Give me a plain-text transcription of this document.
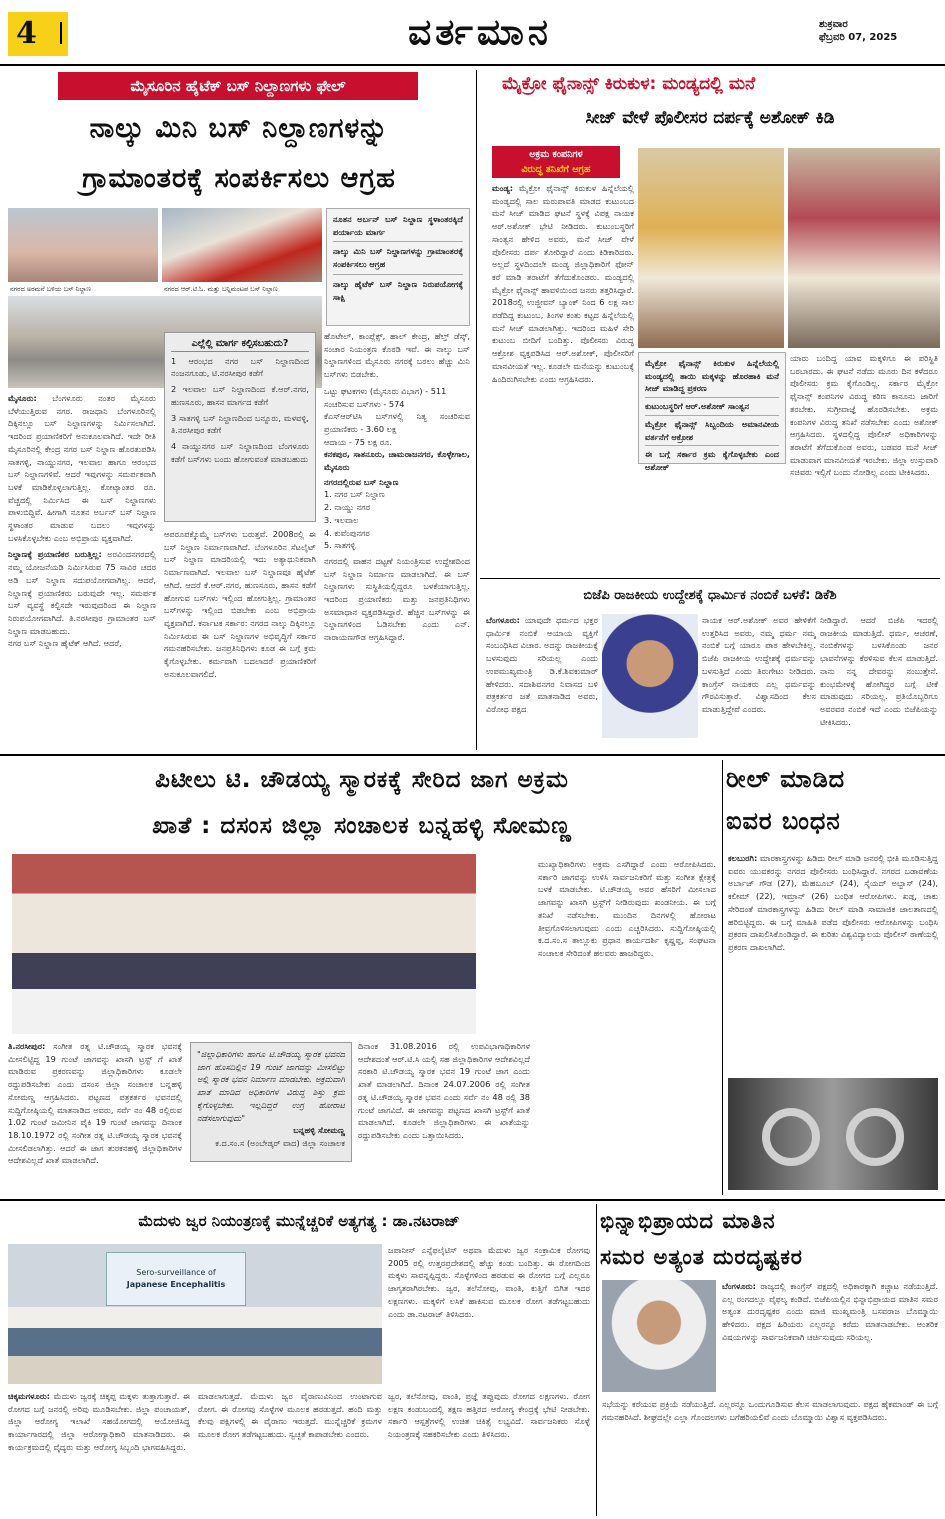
4	ವರ್ತಮಾನ	ಶುಕ್ರವಾರ
ಫೆಬ್ರವರಿ 07, 2025
ಮೈಸೂರಿನ ಹೈಟೆಕ್ ಬಸ್ ನಿಲ್ದಾಣಗಳು ಫೇಲ್
ನಾಲ್ಕು ಮಿನಿ ಬಸ್ ನಿಲ್ದಾಣಗಳನ್ನು
ಗ್ರಾಮಾಂತರಕ್ಕೆ ಸಂಪರ್ಕಿಸಲು ಆಗ್ರಹ
ನಗರದ ಅರಮನೆ ಬಳಿಯ ಬಸ್ ನಿಲ್ದಾಣ	ನಗರದ ಆರ್.ಟಿ.ಓ. ಮತ್ತು ಬನ್ನಿಮಂಟಪ ಬಸ್ ನಿಲ್ದಾಣ
ನೂತನ ಅರ್ಬನ್ ಬಸ್ ನಿಲ್ದಾಣ ಸ್ಥಳಾಂತರಕ್ಕಿದೆ ಪರ್ಯಾಯ ಮಾರ್ಗ
ನಾಲ್ಕು ಮಿನಿ ಬಸ್ ನಿಲ್ದಾಣಗಳನ್ನು ಗ್ರಾಮಾಂತರಕ್ಕೆ ಸಂಪರ್ಕಿಸಲು ಆಗ್ರಹ
ನಾಲ್ಕು ಹೈಟೆಕ್ ಬಸ್ ನಿಲ್ದಾಣ ನಿರುಪಯೋಗಕ್ಕೆ ಸಾಕ್ಷಿ
ಮೈಸೂರು: ಬೆಂಗಳೂರು ನಂತರ ಮೈಸೂರು ಬೆಳೆಯುತ್ತಿರುವ ನಗರ. ರಾಜಧಾನಿ ಬೆಂಗಳೂರಿನಲ್ಲಿ ದಿಕ್ಕಿನಲ್ಲೂ ಬಸ್ ನಿಲ್ದಾಣಗಳನ್ನು ನಿರ್ಮಿಸಲಾಗಿದೆ. ಇದರಿಂದ ಪ್ರಯಾಣಿಕರಿಗೆ ಅನುಕೂಲವಾಗಿದೆ. ಇದೇ ರೀತಿ ಮೈಸೂರಿನಲ್ಲಿ ಕೇಂದ್ರ ನಗರ ಬಸ್ ನಿಲ್ದಾಣ ಹೊರತುಪಡಿಸಿ ಸಾತಗಳ್ಳಿ, ನಾಯ್ಡುನಗರ, ಇಲವಾಲ ಹಾಗೂ ಆರಂಭದ ಬಸ್ ನಿಲ್ದಾಣಗಳಿವೆ. ಆದರೆ ಇವುಗಳನ್ನು ಸಮರ್ಪಕವಾಗಿ ಬಳಕೆ ಮಾಡಿಕೊಳ್ಳಲಾಗುತ್ತಿಲ್ಲ. ಕೋಟ್ಯಾಂತರ ರೂ. ವೆಚ್ಚದಲ್ಲಿ ನಿರ್ಮಿಸಿದ ಈ ಬಸ್ ನಿಲ್ದಾಣಗಳು ಪಾಳುಬಿದ್ದಿವೆ. ಹೀಗಾಗಿ ನೂತನ ಅರ್ಬನ್ ಬಸ್ ನಿಲ್ದಾಣ ಸ್ಥಳಾಂತರ ಮಾಡುವ ಬದಲು ಇವುಗಳನ್ನು ಬಳಸಿಕೊಳ್ಳಬೇಕು ಎಂಬ ಅಭಿಪ್ರಾಯ ವ್ಯಕ್ತವಾಗಿದೆ.
ನಿಲ್ದಾಣಕ್ಕೆ ಪ್ರಯಾಣಿಕರ ಬರುತ್ತಿಲ್ಲ: ಅರವಿಂದನಗರದಲ್ಲಿ ನಮ್ಮ ಯೋಜನೆಯಡಿ ನಿರ್ಮಿಸಿರುವ 75 ಸಾವಿರ ಚದರ ಅಡಿ ಬಸ್ ನಿಲ್ದಾಣ ಸದುಪಯೋಗವಾಗಿಲ್ಲ. ಆದರೆ, ನಿಲ್ದಾಣಕ್ಕೆ ಪ್ರಯಾಣಿಕರು ಬರುವುದೇ ಇಲ್ಲ. ಸಮರ್ಪಕ ಬಸ್ ವ್ಯವಸ್ಥೆ ಕಲ್ಪಿಸದೇ ಇರುವುದರಿಂದ ಈ ನಿಲ್ದಾಣ ನಿರುಪಯೋಗವಾಗಿದೆ. ತಿ.ನರಸೀಪುರ ಗ್ರಾಮಾಂತರ ಬಸ್ ನಿಲ್ದಾಣ ಮಾಡಬಹುದು.
ನಗರ ಬಸ್ ನಿಲ್ದಾಣ ಹೈಟೆಕ್ ಆಗಿದೆ. ಆದರೆ,
ಎಲ್ಲೆಲ್ಲಿ ಮಾರ್ಗ ಕಲ್ಪಿಸಬಹುದು?
1 ಆರಂಭದ ನಗರ ಬಸ್ ನಿಲ್ದಾಣದಿಂದ ನಂಜನಗೂಡು, ಟಿ.ನರಸೀಪುರ ಕಡೆಗೆ
2 ಇಲವಾಲ ಬಸ್ ನಿಲ್ದಾಣದಿಂದ ಕೆ.ಆರ್.ನಗರ, ಹುಣಸೂರು, ಹಾಸನ ಮಾರ್ಗದ ಕಡೆಗೆ
3 ಸಾತಗಳ್ಳಿ ಬಸ್ ನಿಲ್ದಾಣದಿಂದ ಬನ್ನೂರು, ಮಳವಳ್ಳಿ, ತಿ.ನರಸೀಪುರ ಕಡೆಗೆ
4 ನಾಯ್ಡುನಗರ ಬಸ್ ನಿಲ್ದಾಣದಿಂದ ಬೆಂಗಳೂರು ಕಡೆಗೆ ಬಸ್‌ಗಳು ಬಂದು ಹೋಗುವಂತೆ ಮಾಡಬಹುದು
ಆಪರೂಪಕ್ಕೊಮ್ಮೆ ಬಸ್‌ಗಳು ಬರುತ್ತವೆ. 2008ರಲ್ಲಿ ಈ ಬಸ್ ನಿಲ್ದಾಣ ನಿರ್ಮಾಣವಾಗಿದೆ. ಬೆಂಗಳೂರಿನ ಸೆಟಲೈಟ್ ಬಸ್ ನಿಲ್ದಾಣ ಮಾದರಿಯಲ್ಲಿ ಇದು ಅತ್ಯಾಧುನಿಕವಾಗಿ ನಿರ್ಮಾಣವಾಗಿದೆ. ಇಲವಾಲ ಬಸ್ ನಿಲ್ದಾಣವೂ ಹೈಟೆಕ್ ಆಗಿದೆ. ಆದರೆ ಕೆ.ಆರ್.ನಗರ, ಹುಣಸೂರು, ಹಾಸನ ಕಡೆಗೆ ಹೋಗುವ ಬಸ್‌ಗಳು ಇಲ್ಲಿಂದ ಹೋಗುತ್ತಿಲ್ಲ. ಗ್ರಾಮಾಂತರ ಬಸ್‌ಗಳನ್ನು ಇಲ್ಲಿಂದ ಬಿಡಬೇಕು ಎಂಬ ಅಭಿಪ್ರಾಯ ವ್ಯಕ್ತವಾಗಿದೆ. ಕರ್ನಾಟಕ ಸರ್ಕಾರ: ನಗರದ ನಾಲ್ಕು ದಿಕ್ಕಿನಲ್ಲೂ ನಿರ್ಮಿಸಿರುವ ಈ ಬಸ್ ನಿಲ್ದಾಣಗಳ ಅಭಿವೃದ್ಧಿಗೆ ಸರ್ಕಾರ ಗಮನಹರಿಸಬೇಕು. ಜನಪ್ರತಿನಿಧಿಗಳು ಕೂಡ ಈ ಬಗ್ಗೆ ಕ್ರಮ ಕೈಗೊಳ್ಳಬೇಕು. ಕರ್ಮವಾಗಿ ಬದಲಾದರೆ ಪ್ರಯಾಣಿಕರಿಗೆ ಅನುಕೂಲವಾಗಲಿದೆ.
ಹೊಟೇಲ್, ಕಾಂಪ್ಲೆಕ್ಸ್, ಹಾಲ್ ಕೇಂದ್ರ, ಹೆಲ್ತ್ ಡೆಸ್ಕ್, ಸಂಚಾರ ನಿಯಂತ್ರಣ ಕೊಠಡಿ ಇವೆ. ಈ ನಾಲ್ಕು ಬಸ್ ನಿಲ್ದಾಣಗಳಿಂದ ಮೈಸೂರು ನಗರಕ್ಕೆ ಬರಲು ಹೆಚ್ಚು ಮಿನಿ ಬಸ್‌ಗಳು ಬಿಡಬೇಕು.
ಒಟ್ಟು ಘಟಕಗಳು (ಮೈಸೂರು ವಿಭಾಗ) - 511
ಸಂಚರಿಸುವ ಬಸ್‌ಗಳು - 574
ಕೆಎಸ್‌ಆರ್‌ಟಿಸಿ ಬಸ್‌ಗಳಲ್ಲಿ ನಿತ್ಯ ಸಂಚರಿಸುವ ಪ್ರಯಾಣಿಕರು - 3.60 ಲಕ್ಷ
ಆದಾಯ - 75 ಲಕ್ಷ ರೂ.
ಕನಕಪುರ, ಸಾತನೂರು, ಚಾಮರಾಜನಗರ, ಕೊಳ್ಳೇಗಾಲ, ಮೈಸೂರು
ನಗರದಲ್ಲಿರುವ ಬಸ್ ನಿಲ್ದಾಣ
1. ನಗರ ಬಸ್ ನಿಲ್ದಾಣ
2. ನಾಯ್ಡು ನಗರ
3. ಇಲವಾಲ
4. ಕುವೆಂಪುನಗರ
5. ಸಾತಗಳ್ಳಿ
ನಗರದಲ್ಲಿ ವಾಹನ ದಟ್ಟಣೆ ನಿಯಂತ್ರಿಸುವ ಉದ್ದೇಶದಿಂದ ಬಸ್ ನಿಲ್ದಾಣ ನಿರ್ಮಾಣ ಮಾಡಲಾಗಿದೆ. ಈ ಬಸ್ ನಿಲ್ದಾಣಗಳು ಸುಸ್ಥಿತಿಯಲ್ಲಿದ್ದರೂ ಬಳಕೆಯಾಗುತ್ತಿಲ್ಲ. ಇದರಿಂದ ಪ್ರಯಾಣಿಕರು ಮತ್ತು ಜನಪ್ರತಿನಿಧಿಗಳು ಅಸಮಾಧಾನ ವ್ಯಕ್ತಪಡಿಸಿದ್ದಾರೆ. ಹೆಚ್ಚಿನ ಬಸ್‌ಗಳನ್ನು ಈ ನಿಲ್ದಾಣಗಳಿಂದ ಓಡಿಸಬೇಕು ಎಂದು ಎನ್. ನಾರಾಯಣಗೌಡ ಆಗ್ರಹಿಸಿದ್ದಾರೆ.
ಮೈಕ್ರೋ ಫೈನಾನ್ಸ್ ಕಿರುಕುಳ: ಮಂಡ್ಯದಲ್ಲಿ ಮನೆ
ಸೀಜ್ ವೇಳೆ ಪೊಲೀಸರ ದರ್ಪಕ್ಕೆ ಅಶೋಕ್ ಕಿಡಿ
ಅಕ್ರಮ ಕಂಪನಿಗಳ
ವಿರುದ್ಧ ತನಿಖೆಗೆ ಆಗ್ರಹ
ಮಂಡ್ಯ: ಮೈಕ್ರೋ ಫೈನಾನ್ಸ್ ಕಿರುಕುಳ ಹಿನ್ನೆಲೆಯಲ್ಲಿ ಮಂಡ್ಯದಲ್ಲಿ ಸಾಲ ಮರುಪಾವತಿ ಮಾಡದ ಕುಟುಂಬದ ಮನೆ ಸೀಜ್ ಮಾಡಿದ ಘಟನೆ ಸ್ಥಳಕ್ಕೆ ವಿಪಕ್ಷ ನಾಯಕ ಆರ್.ಅಶೋಕ್ ಭೇಟಿ ನೀಡಿದರು. ಕುಟುಂಬಸ್ಥರಿಗೆ ಸಾಂತ್ವನ ಹೇಳಿದ ಅವರು, ಮನೆ ಸೀಜ್ ವೇಳೆ ಪೊಲೀಸರು ದರ್ಪ ತೋರಿದ್ದಾರೆ ಎಂದು ಕಿಡಿಕಾರಿದರು. ಅಲ್ಲದೆ ಸ್ಥಳದಿಂದಲೇ ಮಂಡ್ಯ ಜಿಲ್ಲಾಧಿಕಾರಿಗೆ ಫೋನ್ ಕರೆ ಮಾಡಿ ತರಾಟೆಗೆ ತೆಗೆದುಕೊಂಡರು. ಮಂಡ್ಯದಲ್ಲಿ ಮೈಕ್ರೋ ಫೈನಾನ್ಸ್ ಹಾವಳಿಯಿಂದ ಜನರು ತತ್ತರಿಸಿದ್ದಾರೆ. 2018ರಲ್ಲಿ ಉಜ್ಜೀವನ್ ಬ್ಯಾಂಕ್ ನಿಂದ 6 ಲಕ್ಷ ಸಾಲ ಪಡೆದಿದ್ದ ಕುಟುಂಬ, ತಿಂಗಳ ಕಂತು ಕಟ್ಟದ ಹಿನ್ನೆಲೆಯಲ್ಲಿ ಮನೆ ಸೀಜ್ ಮಾಡಲಾಗಿತ್ತು. ಇದರಿಂದ ಮಹಿಳೆ ಸೇರಿ ಕುಟುಂಬ ಬೀದಿಗೆ ಬಂದಿತ್ತು. ಪೊಲೀಸರು ವಿರುದ್ಧ ಆಕ್ರೋಶ ವ್ಯಕ್ತಪಡಿಸಿದ ಆರ್.ಅಶೋಕ್, ಪೊಲೀಸರಿಗೆ ಮಾನವೀಯತೆ ಇಲ್ಲ. ಕೂಡಲೇ ಮನೆಯನ್ನು ಕುಟುಂಬಕ್ಕೆ ಹಿಂದಿರುಗಿಸಬೇಕು ಎಂದು ಆಗ್ರಹಿಸಿದರು.
ಮೈಕ್ರೋ ಫೈನಾನ್ಸ್ ಕಿರುಕುಳ ಹಿನ್ನೆಲೆಯಲ್ಲಿ ಮಂಡ್ಯದಲ್ಲಿ ತಾಯಿ ಮಕ್ಕಳನ್ನು ಹೊರಹಾಕಿ ಮನೆ ಸೀಜ್ ಮಾಡಿದ್ದ ಪ್ರಕರಣ
ಕುಟುಂಬಸ್ಥರಿಗೆ ಆರ್.ಅಶೋಕ್ ಸಾಂತ್ವನ
ಮೈಕ್ರೋ ಫೈನಾನ್ಸ್ ಸಿಬ್ಬಂದಿಯ ಅಮಾನವೀಯ ವರ್ತನೆಗೆ ಆಕ್ರೋಶ
ಈ ಬಗ್ಗೆ ಸರ್ಕಾರ ಕ್ರಮ ಕೈಗೊಳ್ಳಬೇಕು ಎಂದ ಅಶೋಕ್
ಯಾರು ಬಂದಿದ್ದ ಯಾವ ಮಕ್ಕಳಿಗೂ ಈ ಪರಿಸ್ಥಿತಿ ಬರಬಾರದು. ಈ ಘಟನೆ ನಡೆದು ಮೂರು ದಿನ ಕಳೆದರೂ ಪೊಲೀಸರು ಕ್ರಮ ಕೈಗೊಂಡಿಲ್ಲ. ಸರ್ಕಾರ ಮೈಕ್ರೋ ಫೈನಾನ್ಸ್ ಕಂಪನಿಗಳ ವಿರುದ್ಧ ಕಠಿಣ ಕಾನೂನು ಜಾರಿಗೆ ತರಬೇಕು. ಸುಗ್ರೀವಾಜ್ಞೆ ಹೊರಡಿಸಬೇಕು. ಅಕ್ರಮ ಕಂಪನಿಗಳ ವಿರುದ್ಧ ತನಿಖೆ ನಡೆಸಬೇಕು ಎಂದು ಅಶೋಕ್ ಆಗ್ರಹಿಸಿದರು. ಸ್ಥಳದಲ್ಲಿದ್ದ ಪೊಲೀಸ್ ಅಧಿಕಾರಿಗಳನ್ನು ತರಾಟೆಗೆ ತೆಗೆದುಕೊಂಡ ಅವರು, ಬಡವರ ಮನೆ ಸೀಜ್ ಮಾಡುವಾಗ ಮಾನವೀಯತೆ ಇರಬೇಕು. ಜಿಲ್ಲಾ ಉಸ್ತುವಾರಿ ಸಚಿವರು ಇಲ್ಲಿಗೆ ಬಂದು ನೋಡಿಲ್ಲ ಎಂದು ಟೀಕಿಸಿದರು.
ಬಿಜೆಪಿ ರಾಜಕೀಯ ಉದ್ದೇಶಕ್ಕೆ ಧಾರ್ಮಿಕ ನಂಬಿಕೆ ಬಳಕೆ: ಡಿಕೆಶಿ
ಬೆಂಗಳೂರು: ಯಾವುದೇ ಧರ್ಮದ ಭಕ್ತರ ಧಾರ್ಮಿಕ ನಂಬಿಕೆ ಆಯಾಯ ವ್ಯಕ್ತಿಗೆ ಸಂಬಂಧಿಸಿದ ವಿಚಾರ. ಅದನ್ನು ರಾಜಕೀಯಕ್ಕೆ ಬಳಸುವುದು ಸರಿಯಲ್ಲ ಎಂದು ಉಪಮುಖ್ಯಮಂತ್ರಿ ಡಿ.ಕೆ.ಶಿವಕುಮಾರ್ ಹೇಳಿದರು. ಸದಾಶಿವನಗರ ನಿವಾಸದ ಬಳಿ ಪತ್ರಕರ್ತರ ಜತೆ ಮಾತನಾಡಿದ ಅವರು, ವಿರೋಧ ಪಕ್ಷದ
ನಾಯಕ ಆರ್.ಅಶೋಕ್ ಅವರ ಹೇಳಿಕೆಗೆ ಉತ್ತರಿಸಿದ ಅವರು, ನಮ್ಮ ಧರ್ಮ ನಮ್ಮ ನಂಬಿಕೆ ಬಗ್ಗೆ ಯಾರೂ ಪಾಠ ಹೇಳಬೇಕಿಲ್ಲ. ಬಿಜೆಪಿ ರಾಜಕೀಯ ಉದ್ದೇಶಕ್ಕೆ ಧರ್ಮವನ್ನು ಬಳಸುತ್ತಿದೆ ಎಂದು ತಿರುಗೇಟು ನೀಡಿದರು. ಕಾಂಗ್ರೆಸ್ ನಾಯಕರು ಎಲ್ಲ ಧರ್ಮವನ್ನು ಗೌರವಿಸುತ್ತಾರೆ. ವಿಶ್ವಾಸದಿಂದ ಕೆಲಸ ಮಾಡುತ್ತಿದ್ದೇವೆ ಎಂದರು.
ನೀಡಿದ್ದಾರೆ. ಆದರೆ ಬಿಜೆಪಿ ಇದರಲ್ಲಿ ರಾಜಕೀಯ ಮಾಡುತ್ತಿದೆ. ಧರ್ಮ, ಆಚರಣೆ, ನಂಬಿಕೆಗಳನ್ನು ಬಳಸಿಕೊಂಡು ಜನರ ಭಾವನೆಗಳನ್ನು ಕೆರಳಿಸುವ ಕೆಲಸ ಮಾಡುತ್ತಿದೆ. ನಾನು ನನ್ನ ದೇವರನ್ನು ನಂಬುತ್ತೇನೆ. ಕುಂಭಮೇಳಕ್ಕೆ ಹೋಗಿದ್ದರ ಬಗ್ಗೆ ಟೀಕೆ ಮಾಡುವುದು ಸರಿಯಲ್ಲ. ಪ್ರತಿಯೊಬ್ಬರಿಗೂ ಅವರವರ ನಂಬಿಕೆ ಇದೆ ಎಂದು ಬಿಜೆಪಿಯನ್ನು ಟೀಕಿಸಿದರು.
ಪಿಟೀಲು ಟಿ. ಚೌಡಯ್ಯ ಸ್ಮಾರಕಕ್ಕೆ ಸೇರಿದ ಜಾಗ ಅಕ್ರಮ
ಖಾತೆ : ದಸಂಸ ಜಿಲ್ಲಾ ಸಂಚಾಲಕ ಬನ್ನಹಳ್ಳಿ ಸೋಮಣ್ಣ
ತಿ.ನರಸೀಪುರ: ಸಂಗೀತ ರತ್ನ ಟಿ.ಚೌಡಯ್ಯ ಸ್ಮಾರಕ ಭವನಕ್ಕೆ ಮೀಸಲಿಟ್ಟಿದ್ದ 19 ಗುಂಟೆ ಜಾಗವನ್ನು ಖಾಸಗಿ ಟ್ರಸ್ಟ್ ಗೆ ಖಾತೆ ಮಾಡಿರುವ ಪ್ರಕರಣವನ್ನು ಜಿಲ್ಲಾಧಿಕಾರಿಗಳು ಕೂಡಲೇ ರದ್ದುಪಡಿಸಬೇಕು ಎಂದು ದಸಂಸ ಜಿಲ್ಲಾ ಸಂಚಾಲಕ ಬನ್ನಹಳ್ಳಿ ಸೋಮಣ್ಣ ಆಗ್ರಹಿಸಿದರು. ಪಟ್ಟಣದ ಪತ್ರಕರ್ತರ ಭವನದಲ್ಲಿ ಸುದ್ದಿಗೋಷ್ಠಿಯಲ್ಲಿ ಮಾತನಾಡಿದ ಅವರು, ಸರ್ವೆ ನಂ 48 ರಲ್ಲಿರುವ 1.02 ಗುಂಟೆ ಜಮೀನಿನ ಪೈಕಿ 19 ಗುಂಟೆ ಜಾಗವನ್ನು ದಿನಾಂಕ 18.10.1972 ರಲ್ಲಿ ಸಂಗೀತ ರತ್ನ ಟಿ.ಚೌಡಯ್ಯ ಸ್ಮಾರಕ ಭವನಕ್ಕೆ ಮೀಸಲಿಡಲಾಗಿತ್ತು. ಆದರೆ ಈ ಜಾಗ ತುರಕನಹಳ್ಳಿ ಜಿಲ್ಲಾಧಿಕಾರಿಗಳ ಆದೇಶವಿಲ್ಲದೆ ಖಾತೆ ಮಾಡಲಾಗಿದೆ.
"ಜಿಲ್ಲಾಧಿಕಾರಿಗಳು ಹಾಗೂ ಟಿ.ಚೌಡಯ್ಯ ಸ್ಮಾರಕ ಭವನದ ಜಾಗ ಹೊಸದಿಲ್ಲಿನ 19 ಗುಂಟೆ ಜಾಗವನ್ನು ಮೀಸಲಿಟ್ಟು ಅಲ್ಲಿ ಸ್ಮಾರಕ ಭವನ ನಿರ್ಮಾಣ ಮಾಡಬೇಕು. ಅಕ್ರಮವಾಗಿ ಖಾತೆ ಮಾಡಿದ ಅಧಿಕಾರಿಗಳ ವಿರುದ್ಧ ಶಿಸ್ತು ಕ್ರಮ ಕೈಗೊಳ್ಳಬೇಕು. ಇಲ್ಲದಿದ್ದರೆ ಉಗ್ರ ಹೋರಾಟ ನಡೆಸಲಾಗುವುದು"
ಬನ್ನಹಳ್ಳಿ ಸೋಮಣ್ಣ
ಕ.ದ.ಸಂ.ಸ (ಅಂಬೇಡ್ಕರ್ ವಾದ) ಜಿಲ್ಲಾ ಸಂಚಾಲಕ
ದಿನಾಂಕ 31.08.2016 ರಲ್ಲಿ ಉಪವಿಭಾಗಾಧಿಕಾರಿಗಳ ಆದೇಶದಂತೆ ಆರ್.ಟಿ.ಸಿ ಯಲ್ಲಿ ಸಹ ಜಿಲ್ಲಾಧಿಕಾರಿಗಳ ಆದೇಶವಿಲ್ಲದೆ ಸರಕಾರಿ ಟಿ.ಚೌಡಯ್ಯ ಸ್ಮಾರಕ ಭವನ 19 ಗುಂಟೆ ಜಾಗ ಎಂದು ಖಾತೆ ಮಾಡಲಾಗಿದೆ. ದಿನಾಂಕ 24.07.2006 ರಲ್ಲಿ ಸಂಗೀತ ರತ್ನ ಟಿ.ಚೌಡಯ್ಯ ಸ್ಮಾರಕ ಭವನ ಎಂದು ಸರ್ವೆ ನಂ 48 ರಲ್ಲಿ 38 ಗುಂಟೆ ಜಾಗವಿದೆ. ಈ ಜಾಗವನ್ನು ಪಟ್ಟಣದ ಖಾಸಗಿ ಟ್ರಸ್ಟ್‌ಗೆ ಖಾತೆ ಮಾಡಲಾಗಿದೆ. ಕೂಡಲೇ ಜಿಲ್ಲಾಧಿಕಾರಿಗಳು ಈ ಖಾತೆಯನ್ನು ರದ್ದುಪಡಿಸಬೇಕು ಎಂದು ಒತ್ತಾಯಿಸಿದರು.
ಮುಖ್ಯಾಧಿಕಾರಿಗಳು ಅಕ್ರಮ ಎಸಗಿದ್ದಾರೆ ಎಂದು ಆರೋಪಿಸಿದರು. ಸರ್ಕಾರಿ ಜಾಗವನ್ನು ಉಳಿಸಿ ಸಾರ್ವಜನಿಕರಿಗೆ ಮತ್ತು ಸಂಗೀತ ಕ್ಷೇತ್ರಕ್ಕೆ ಬಳಕೆ ಮಾಡಬೇಕು. ಟಿ.ಚೌಡಯ್ಯ ಅವರ ಹೆಸರಿಗೆ ಮೀಸಲಾದ ಜಾಗವನ್ನು ಖಾಸಗಿ ಟ್ರಸ್ಟ್‌ಗೆ ನೀಡಿರುವುದು ಖಂಡನೀಯ. ಈ ಬಗ್ಗೆ ತನಿಖೆ ನಡೆಸಬೇಕು. ಮುಂದಿನ ದಿನಗಳಲ್ಲಿ ಹೋರಾಟ ತೀವ್ರಗೊಳಿಸಲಾಗುವುದು ಎಂದು ಎಚ್ಚರಿಸಿದರು. ಸುದ್ದಿಗೋಷ್ಠಿಯಲ್ಲಿ ಕ.ದ.ಸಂ.ಸ ತಾಲ್ಲೂಕು ಪ್ರಧಾನ ಕಾರ್ಯದರ್ಶಿ ಕೃಷ್ಣಪ್ಪ, ಸಂಘಟನಾ ಸಂಚಾಲಕ ಸೇರಿದಂತೆ ಹಲವರು ಹಾಜರಿದ್ದರು.
ರೀಲ್ ಮಾಡಿದ
ಐವರ ಬಂಧನ
ಕಲಬುರಗಿ: ಮಾರಕಾಸ್ತ್ರಗಳನ್ನು ಹಿಡಿದು ರೀಲ್ ಮಾಡಿ ಜನರಲ್ಲಿ ಭೀತಿ ಮೂಡಿಸುತ್ತಿದ್ದ ಐವರು ಯುವಕರನ್ನು ನಗರದ ಪೊಲೀಸರು ಬಂಧಿಸಿದ್ದಾರೆ. ನಗರದ ಬಡಾವಣೆಯ ಅರ್ಬಾಜ್ ಗೌಡ (27), ಮೆಹಬೂಬ್ (24), ಸೈಯದ್ ಅಬ್ಬಾಸ್ (24), ಕಲೀಮ್ (22), ಇಮ್ರಾನ್ (26) ಬಂಧಿತ ಆರೋಪಿಗಳು. ಖಡ್ಗ, ಚಾಕು ಸೇರಿದಂತೆ ಮಾರಕಾಸ್ತ್ರಗಳನ್ನು ಹಿಡಿದು ರೀಲ್ ಮಾಡಿ ಸಾಮಾಜಿಕ ಜಾಲತಾಣದಲ್ಲಿ ಹರಿಬಿಟ್ಟಿದ್ದರು. ಈ ಬಗ್ಗೆ ಮಾಹಿತಿ ಪಡೆದ ಪೊಲೀಸರು ಆರೋಪಿಗಳನ್ನು ಬಂಧಿಸಿ ಪ್ರಕರಣ ದಾಖಲಿಸಿಕೊಂಡಿದ್ದಾರೆ. ಈ ಕುರಿತು ವಿಶ್ವವಿದ್ಯಾಲಯ ಪೊಲೀಸ್ ಠಾಣೆಯಲ್ಲಿ ಪ್ರಕರಣ ದಾಖಲಾಗಿದೆ.
ಮೆದುಳು ಜ್ವರ ನಿಯಂತ್ರಣಕ್ಕೆ ಮುನ್ನೆಚ್ಚರಿಕೆ ಅತ್ಯಗತ್ಯ : ಡಾ.ನಟರಾಜ್
Sero-surveillance of
Japanese Encephalitis
ಜಪಾನೀಸ್ ಎನ್ಸೆಫಲೈಟಿಸ್ ಅಥವಾ ಮೆದುಳು ಜ್ವರ ಸಂಕ್ರಾಮಿಕ ರೋಗವು 2005 ರಲ್ಲಿ ಉತ್ತರಪ್ರದೇಶದಲ್ಲಿ ಹೆಚ್ಚು ಕಂಡು ಬಂದಿತ್ತು. ಈ ರೋಗದಿಂದ ಮಕ್ಕಳು ಸಾವನ್ನಪ್ಪಿದ್ದರು. ಸೊಳ್ಳೆಗಳಿಂದ ಹರಡುವ ಈ ರೋಗದ ಬಗ್ಗೆ ಎಲ್ಲರೂ ಜಾಗೃತರಾಗಿರಬೇಕು. ಜ್ವರ, ತಲೆನೋವು, ವಾಂತಿ, ಕುತ್ತಿಗೆ ಬಿಗಿತ ಇದರ ಲಕ್ಷಣಗಳು. ಮಕ್ಕಳಿಗೆ ಲಸಿಕೆ ಹಾಕಿಸುವ ಮೂಲಕ ರೋಗ ತಡೆಗಟ್ಟಬಹುದು ಎಂದು ಡಾ.ನಟರಾಜ್ ತಿಳಿಸಿದರು.
ಚಿಕ್ಕಮಗಳೂರು: ಮೆದುಳು ಜ್ವರಕ್ಕೆ ಚಿಕ್ಕಪ್ಪ ಮಕ್ಕಳು ತುತ್ತಾಗುತ್ತಾರೆ. ಈ ರೋಗದ ಬಗ್ಗೆ ಜನರಲ್ಲಿ ಅರಿವು ಮೂಡಿಸಬೇಕು. ಜಿಲ್ಲಾ ಪಂಚಾಯತ್, ಜಿಲ್ಲಾ ಆರೋಗ್ಯ ಇಲಾಖೆ ಸಹಯೋಗದಲ್ಲಿ ಆಯೋಜಿಸಿದ್ದ ಕಾರ್ಯಾಗಾರದಲ್ಲಿ ಜಿಲ್ಲಾ ಆರೋಗ್ಯಾಧಿಕಾರಿ ಮಾತನಾಡಿದರು. ಈ ಕಾರ್ಯಕ್ರಮದಲ್ಲಿ ವೈದ್ಯರು ಮತ್ತು ಆರೋಗ್ಯ ಸಿಬ್ಬಂದಿ ಭಾಗವಹಿಸಿದ್ದರು.
ಮಾಡಲಾಗುತ್ತದೆ. ಮೆದುಳು ಜ್ವರ ವೈರಾಣುವಿನಿಂದ ಉಂಟಾಗುವ ರೋಗ. ಈ ರೋಗವು ಸೊಳ್ಳೆಗಳ ಮೂಲಕ ಹರಡುತ್ತದೆ. ಹಂದಿ ಮತ್ತು ಕೆಲವು ಪಕ್ಷಿಗಳಲ್ಲಿ ಈ ವೈರಾಣು ಇರುತ್ತದೆ. ಮುನ್ನೆಚ್ಚರಿಕೆ ಕ್ರಮಗಳ ಮೂಲಕ ರೋಗ ತಡೆಗಟ್ಟಬಹುದು. ಸ್ವಚ್ಛತೆ ಕಾಪಾಡಬೇಕು ಎಂದರು.
ಜ್ವರ, ತಲೆನೋವು, ವಾಂತಿ, ಪ್ರಜ್ಞೆ ತಪ್ಪುವುದು ರೋಗದ ಲಕ್ಷಣಗಳು. ರೋಗ ಲಕ್ಷಣ ಕಂಡುಬಂದಲ್ಲಿ ತಕ್ಷಣ ಹತ್ತಿರದ ಆರೋಗ್ಯ ಕೇಂದ್ರಕ್ಕೆ ಭೇಟಿ ನೀಡಬೇಕು. ಸರ್ಕಾರಿ ಆಸ್ಪತ್ರೆಗಳಲ್ಲಿ ಉಚಿತ ಚಿಕಿತ್ಸೆ ಲಭ್ಯವಿದೆ. ಸಾರ್ವಜನಿಕರು ಸೊಳ್ಳೆ ನಿಯಂತ್ರಣಕ್ಕೆ ಸಹಕರಿಸಬೇಕು ಎಂದು ತಿಳಿಸಿದರು.
ಭಿನ್ನಾಭಿಪ್ರಾಯದ ಮಾತಿನ
ಸಮರ ಅತ್ಯಂತ ದುರದೃಷ್ಟಕರ
ಬೆಂಗಳೂರು: ರಾಜ್ಯದಲ್ಲಿ ಕಾಂಗ್ರೆಸ್ ಪಕ್ಷದಲ್ಲಿ ಅಧಿಕಾರಕ್ಕಾಗಿ ಕಚ್ಚಾಟ ನಡೆಯುತ್ತಿದೆ. ಎಲ್ಲ ರಂಗದಲ್ಲೂ ವೈಫಲ್ಯ ಕಂಡಿದೆ. ಬಿಜೆಪಿಯಲ್ಲಿನ ಭಿನ್ನಾಭಿಪ್ರಾಯದ ಮಾತಿನ ಸಮರ ಅತ್ಯಂತ ದುರದೃಷ್ಟಕರ ಎಂದು ಮಾಜಿ ಮುಖ್ಯಮಂತ್ರಿ ಬಸವರಾಜ ಬೊಮ್ಮಾಯಿ ಹೇಳಿದರು. ಪಕ್ಷದ ಹಿರಿಯರು ಎಲ್ಲರನ್ನೂ ಕರೆದು ಮಾತನಾಡಬೇಕು. ಆಂತರಿಕ ವಿಷಯಗಳನ್ನು ಸಾರ್ವಜನಿಕವಾಗಿ ಚರ್ಚಿಸುವುದು ಸರಿಯಲ್ಲ.
ಸಭೆಯನ್ನು ಕರೆಯುವ ಪ್ರಕ್ರಿಯೆ ನಡೆಯುತ್ತಿದೆ. ಎಲ್ಲರನ್ನೂ ಒಂದುಗೂಡಿಸುವ ಕೆಲಸ ಮಾಡಲಾಗುವುದು. ಪಕ್ಷದ ಹೈಕಮಾಂಡ್ ಈ ಬಗ್ಗೆ ಗಮನಹರಿಸಿದೆ. ಶೀಘ್ರದಲ್ಲೇ ಎಲ್ಲಾ ಗೊಂದಲಗಳು ಬಗೆಹರಿಯಲಿವೆ ಎಂದು ಬೊಮ್ಮಾಯಿ ವಿಶ್ವಾಸ ವ್ಯಕ್ತಪಡಿಸಿದರು.
